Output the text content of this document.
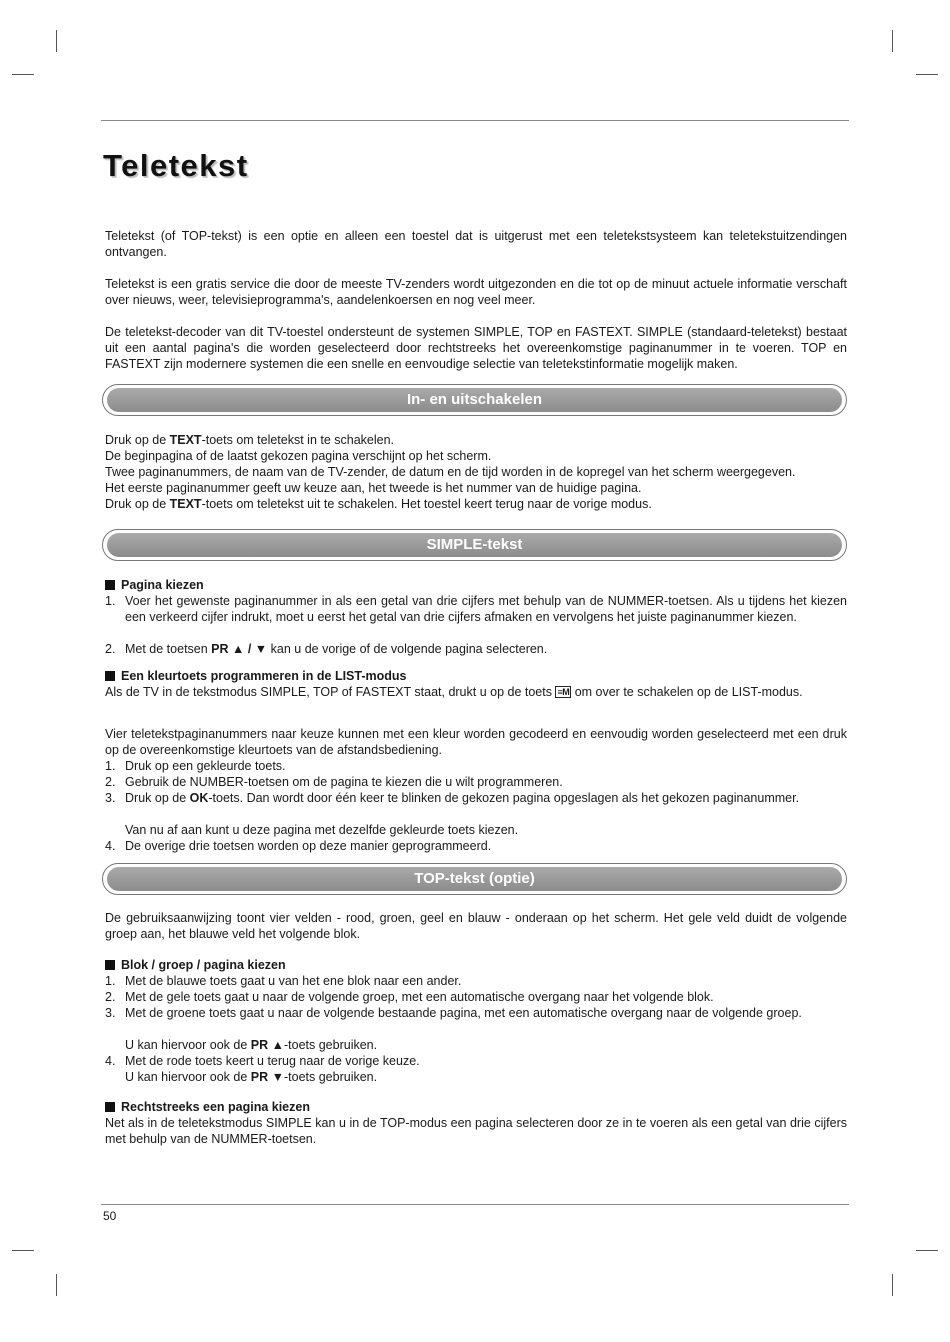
Teletekst

Teletekst (of TOP-tekst) is een optie en alleen een toestel dat is uitgerust met een teletekstsysteem kan teletekstuitzendingen ontvangen.

Teletekst is een gratis service die door de meeste TV-zenders wordt uitgezonden en die tot op de minuut actuele informatie verschaft over nieuws, weer, televisieprogramma's, aandelenkoersen en nog veel meer.

De teletekst-decoder van dit TV-toestel ondersteunt de systemen SIMPLE, TOP en FASTEXT. SIMPLE (standaard-teletekst) bestaat uit een aantal pagina's die worden geselecteerd door rechtstreeks het overeenkomstige paginanummer in te voeren. TOP en FASTEXT zijn modernere systemen die een snelle en eenvoudige selectie van teletekstinformatie mogelijk maken.

In- en uitschakelen
Druk op de TEXT-toets om teletekst in te schakelen.
De beginpagina of de laatst gekozen pagina verschijnt op het scherm.
Twee paginanummers, de naam van de TV-zender, de datum en de tijd worden in de kopregel van het scherm weergegeven.
Het eerste paginanummer geeft uw keuze aan, het tweede is het nummer van de huidige pagina.
Druk op de TEXT-toets om teletekst uit te schakelen. Het toestel keert terug naar de vorige modus.
SIMPLE-tekst

Pagina kiezen

1. Voer het gewenste paginanummer in als een getal van drie cijfers met behulp van de NUMMER-toetsen. Als u tijdens het kiezen een verkeerd cijfer indrukt, moet u eerst het getal van drie cijfers afmaken en vervolgens het juiste paginanummer kiezen.
2. Met de toetsen PR ▲ / ▼ kan u de vorige of de volgende pagina selecteren.

Een kleurtoets programmeren in de LIST-modus

Als de TV in de tekstmodus SIMPLE, TOP of FASTEXT staat, drukt u op de toets ≡M om over te schakelen op de LIST-modus.

Vier teletekstpaginanummers naar keuze kunnen met een kleur worden gecodeerd en eenvoudig worden geselecteerd met een druk op de overeenkomstige kleurtoets van de afstandsbediening.

1. Druk op een gekleurde toets.
2. Gebruik de NUMBER-toetsen om de pagina te kiezen die u wilt programmeren.
3. Druk op de OK-toets. Dan wordt door één keer te blinken de gekozen pagina opgeslagen als het gekozen paginanummer.
Van nu af aan kunt u deze pagina met dezelfde gekleurde toets kiezen.
4. De overige drie toetsen worden op deze manier geprogrammeerd.
TOP-tekst (optie)

De gebruiksaanwijzing toont vier velden - rood, groen, geel en blauw - onderaan op het scherm. Het gele veld duidt de volgende groep aan, het blauwe veld het volgende blok.

Blok / groep / pagina kiezen

1. Met de blauwe toets gaat u van het ene blok naar een ander.
2. Met de gele toets gaat u naar de volgende groep, met een automatische overgang naar het volgende blok.
3. Met de groene toets gaat u naar de volgende bestaande pagina, met een automatische overgang naar de volgende groep.
U kan hiervoor ook de PR ▲-toets gebruiken.
4. Met de rode toets keert u terug naar de vorige keuze.
U kan hiervoor ook de PR ▼-toets gebruiken.

Rechtstreeks een pagina kiezen

Net als in de teletekstmodus SIMPLE kan u in de TOP-modus een pagina selecteren door ze in te voeren als een getal van drie cijfers met behulp van de NUMMER-toetsen.

50
